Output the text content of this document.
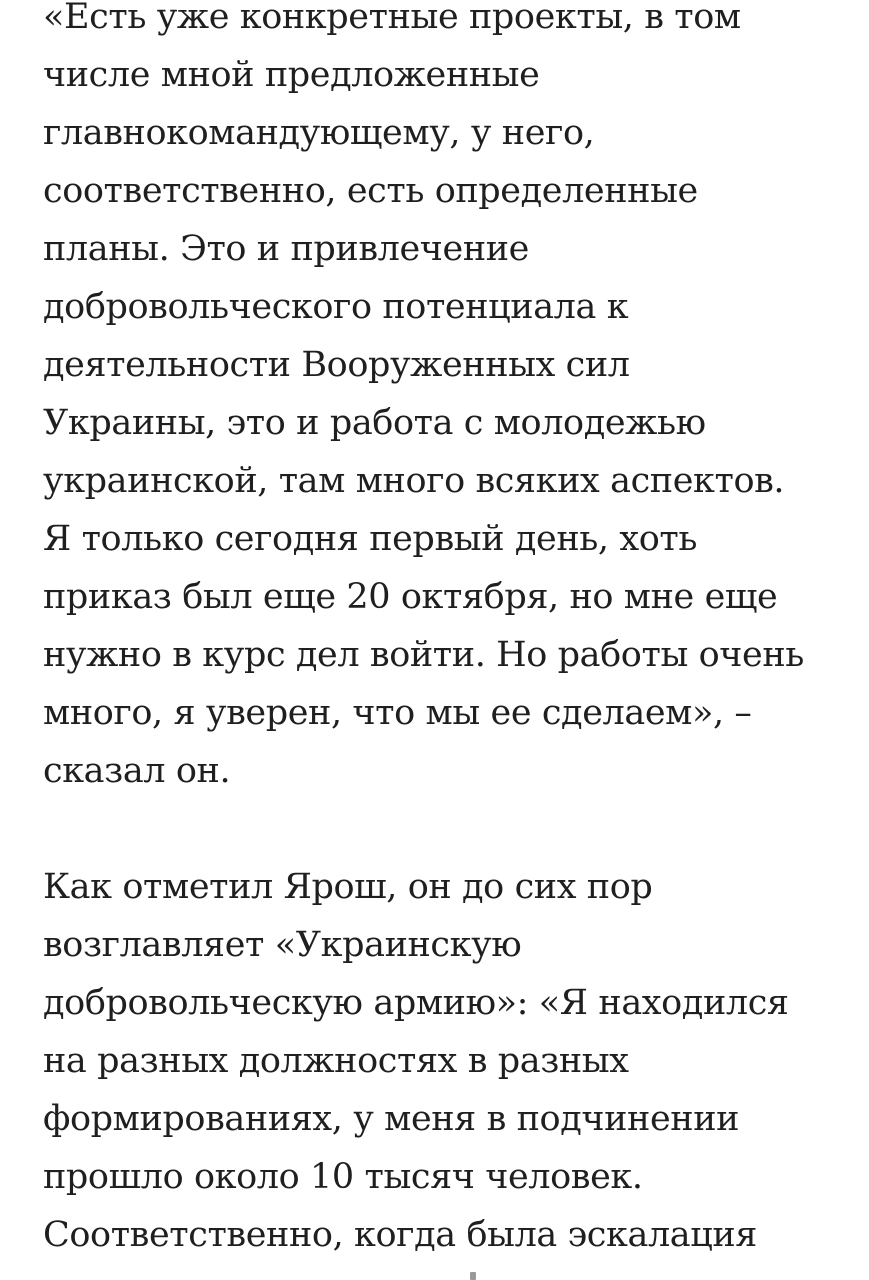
«Есть уже конкретные проекты, в том
числе мной предложенные
главнокомандующему, у него,
соответственно, есть определенные
планы. Это и привлечение
добровольческого потенциала к
деятельности Вооруженных сил
Украины, это и работа с молодежью
украинской, там много всяких аспектов.
Я только сегодня первый день, хоть
приказ был еще 20 октября, но мне еще
нужно в курс дел войти. Но работы очень
много, я уверен, что мы ее сделаем», –
сказал он.

Как отметил Ярош, он до сих пор
возглавляет «Украинскую
добровольческую армию»: «Я находился
на разных должностях в разных
формированиях, у меня в подчинении
прошло около 10 тысяч человек.
Соответственно, когда была эскалация
